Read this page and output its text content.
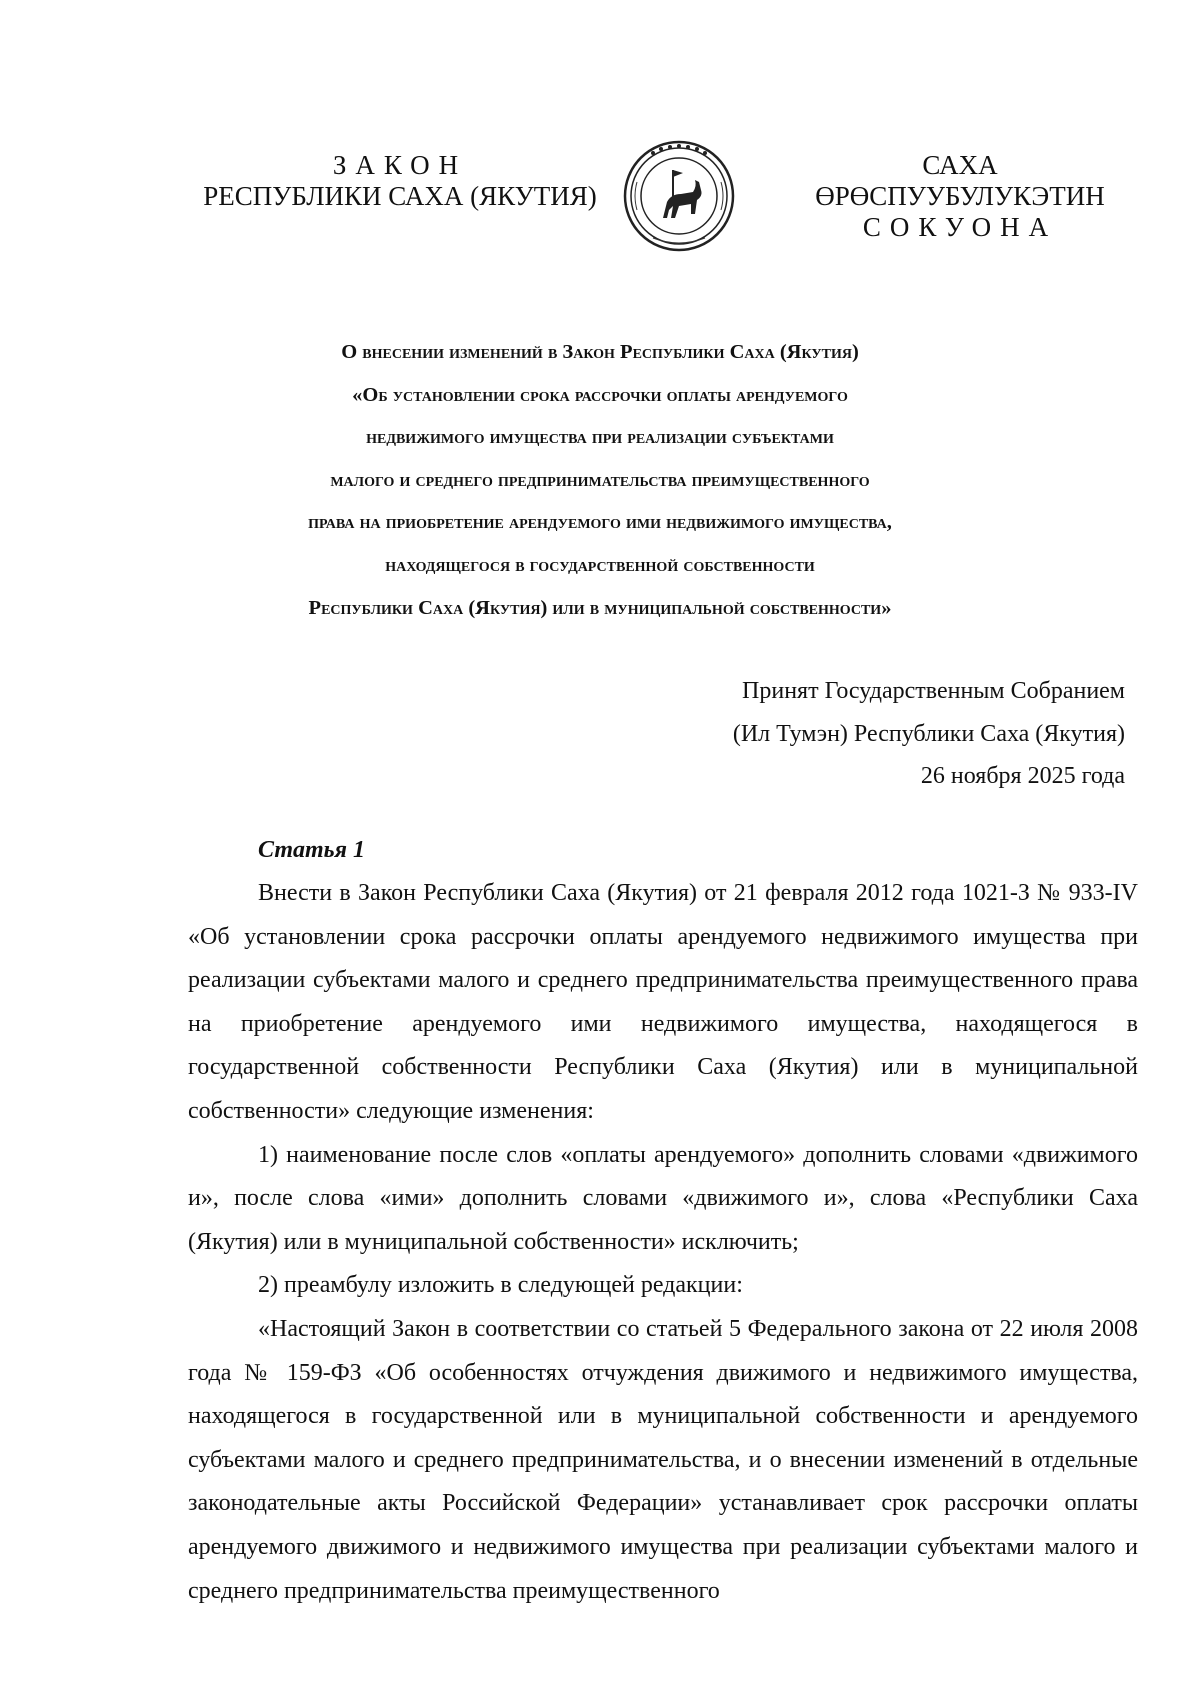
ЗАКОН
РЕСПУБЛИКИ САХА (ЯКУТИЯ)
САХА ӨРӨСПУУБУЛУКЭТИН
СОКУОНА
О внесении изменений в Закон Республики Саха (Якутия)
«Об установлении срока рассрочки оплаты арендуемого
недвижимого имущества при реализации субъектами
малого и среднего предпринимательства преимущественного
права на приобретение арендуемого ими недвижимого имущества,
находящегося в государственной собственности
Республики Саха (Якутия) или в муниципальной собственности»
Принят Государственным Собранием
(Ил Тумэн) Республики Саха (Якутия)
26 ноября 2025 года
Статья 1

Внести в Закон Республики Саха (Якутия) от 21 февраля 2012 года 1021-З № 933-IV «Об установлении срока рассрочки оплаты арендуемого недвижимого имущества при реализации субъектами малого и среднего предпринимательства преимущественного права на приобретение арендуемого ими недвижимого имущества, находящегося в государственной собственности Республики Саха (Якутия) или в муниципальной собственности» следующие изменения:

1) наименование после слов «оплаты арендуемого» дополнить словами «движимого и», после слова «ими» дополнить словами «движимого и», слова «Республики Саха (Якутия) или в муниципальной собственности» исключить;

2) преамбулу изложить в следующей редакции:

«Настоящий Закон в соответствии со статьей 5 Федерального закона от 22 июля 2008 года № 159-ФЗ «Об особенностях отчуждения движимого и недвижимого имущества, находящегося в государственной или в муниципальной собственности и арендуемого субъектами малого и среднего предпринимательства, и о внесении изменений в отдельные законодательные акты Российской Федерации» устанавливает срок рассрочки оплаты арендуемого движимого и недвижимого имущества при реализации субъектами малого и среднего предпринимательства преимущественного
